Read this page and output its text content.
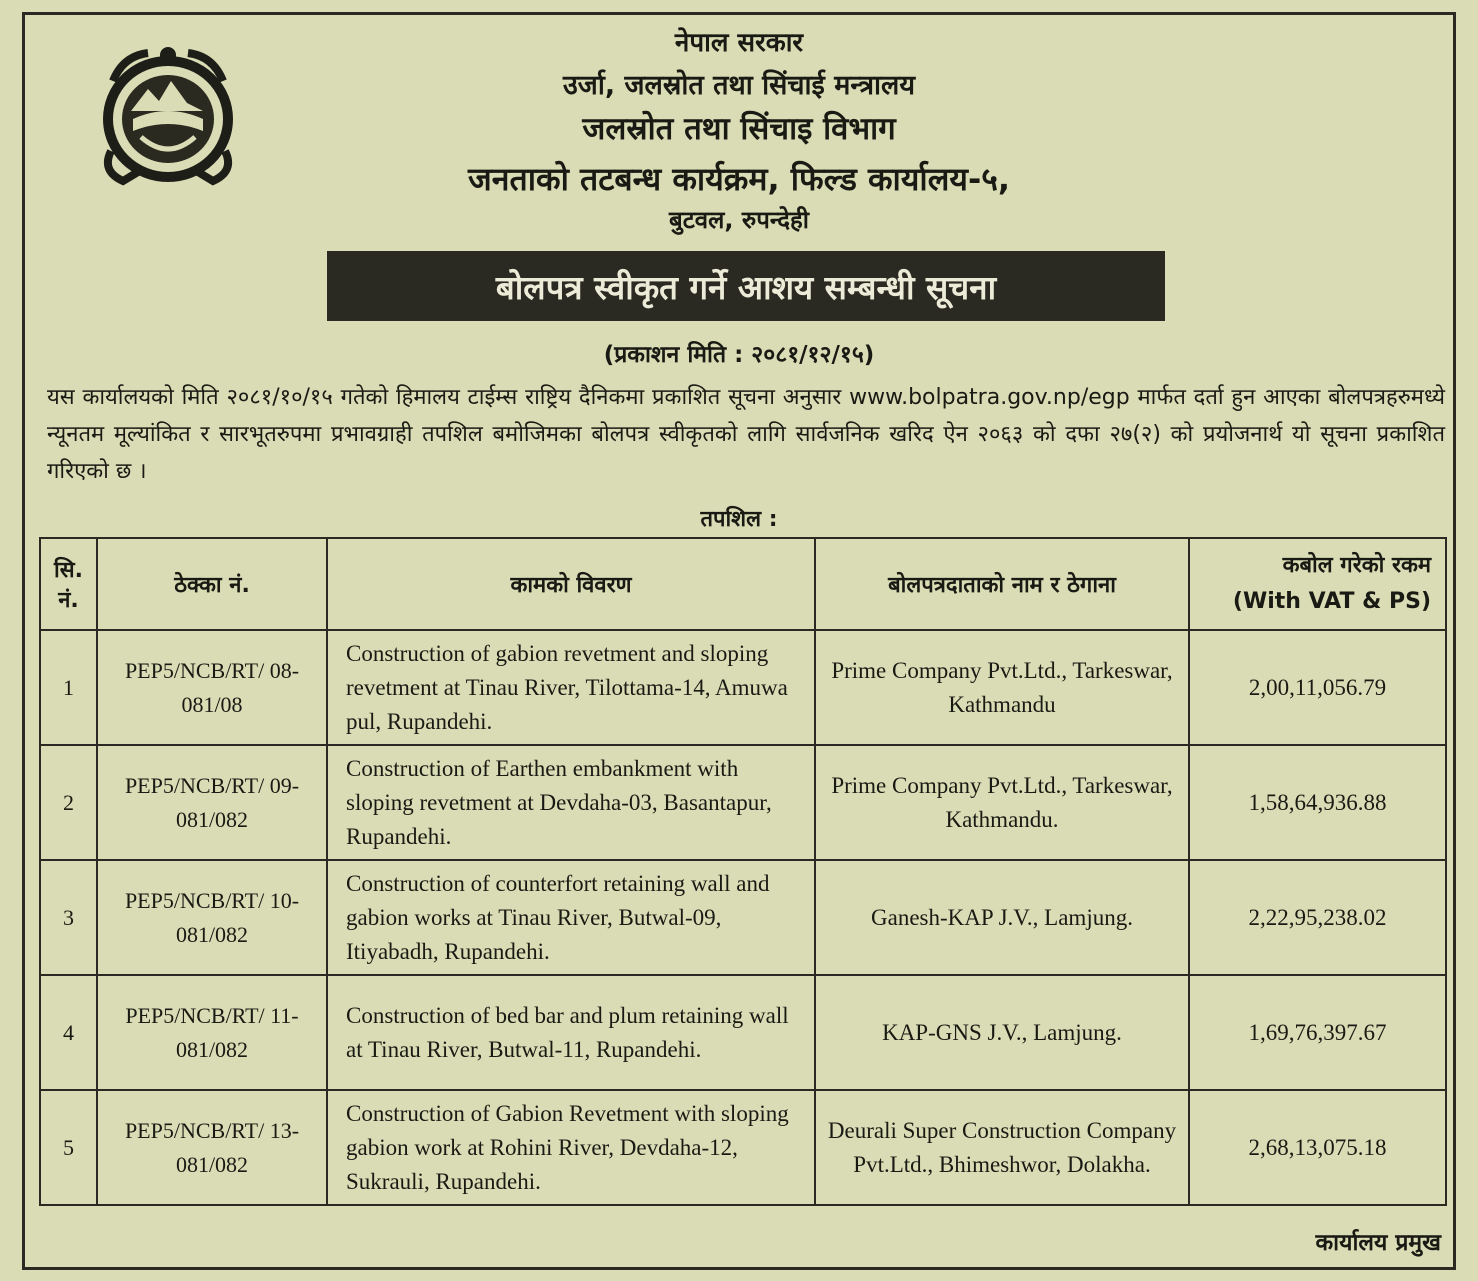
नेपाल सरकार
उर्जा, जलस्रोत तथा सिंचाई मन्त्रालय
जलस्रोत तथा सिंचाइ विभाग
जनताको तटबन्ध कार्यक्रम, फिल्ड कार्यालय-५,
बुटवल, रुपन्देही
बोलपत्र स्वीकृत गर्ने आशय सम्बन्धी सूचना
(प्रकाशन मिति : २०८१/१२/१५)
यस कार्यालयको मिति २०८१/१०/१५ गतेको हिमालय टाईम्स राष्ट्रिय दैनिकमा प्रकाशित सूचना अनुसार www.bolpatra.gov.np/egp मार्फत दर्ता हुन आएका बोलपत्रहरुमध्ये न्यूनतम मूल्यांकित र सारभूतरुपमा प्रभावग्राही तपशिल बमोजिमका बोलपत्र स्वीकृतको लागि सार्वजनिक खरिद ऐन २०६३ को दफा २७(२) को प्रयोजनार्थ यो सूचना प्रकाशित गरिएको छ ।
तपशिल :
सि. नं.	ठेक्का नं.	कामको विवरण	बोलपत्रदाताको नाम र ठेगाना	कबोल गरेको रकम
(With VAT & PS)

1	PEP5/NCB/RT/ 08-081/08	Construction of gabion revetment and sloping revetment at Tinau River, Tilottama-14, Amuwa pul, Rupandehi.	Prime Company Pvt.Ltd., Tarkeswar, Kathmandu	2,00,11,056.79
2	PEP5/NCB/RT/ 09-081/082	Construction of Earthen embankment with sloping revetment at Devdaha-03, Basantapur, Rupandehi.	Prime Company Pvt.Ltd., Tarkeswar, Kathmandu.	1,58,64,936.88
3	PEP5/NCB/RT/ 10-081/082	Construction of counterfort retaining wall and gabion works at Tinau River, Butwal-09, Itiyabadh, Rupandehi.	Ganesh-KAP J.V., Lamjung.	2,22,95,238.02
4	PEP5/NCB/RT/ 11-081/082	Construction of bed bar and plum retaining wall at Tinau River, Butwal-11, Rupandehi.	KAP-GNS J.V., Lamjung.	1,69,76,397.67
5	PEP5/NCB/RT/ 13-081/082	Construction of Gabion Revetment with sloping gabion work at Rohini River, Devdaha-12, Sukrauli, Rupandehi.	Deurali Super Construction Company Pvt.Ltd., Bhimeshwor, Dolakha.	2,68,13,075.18
कार्यालय प्रमुख
